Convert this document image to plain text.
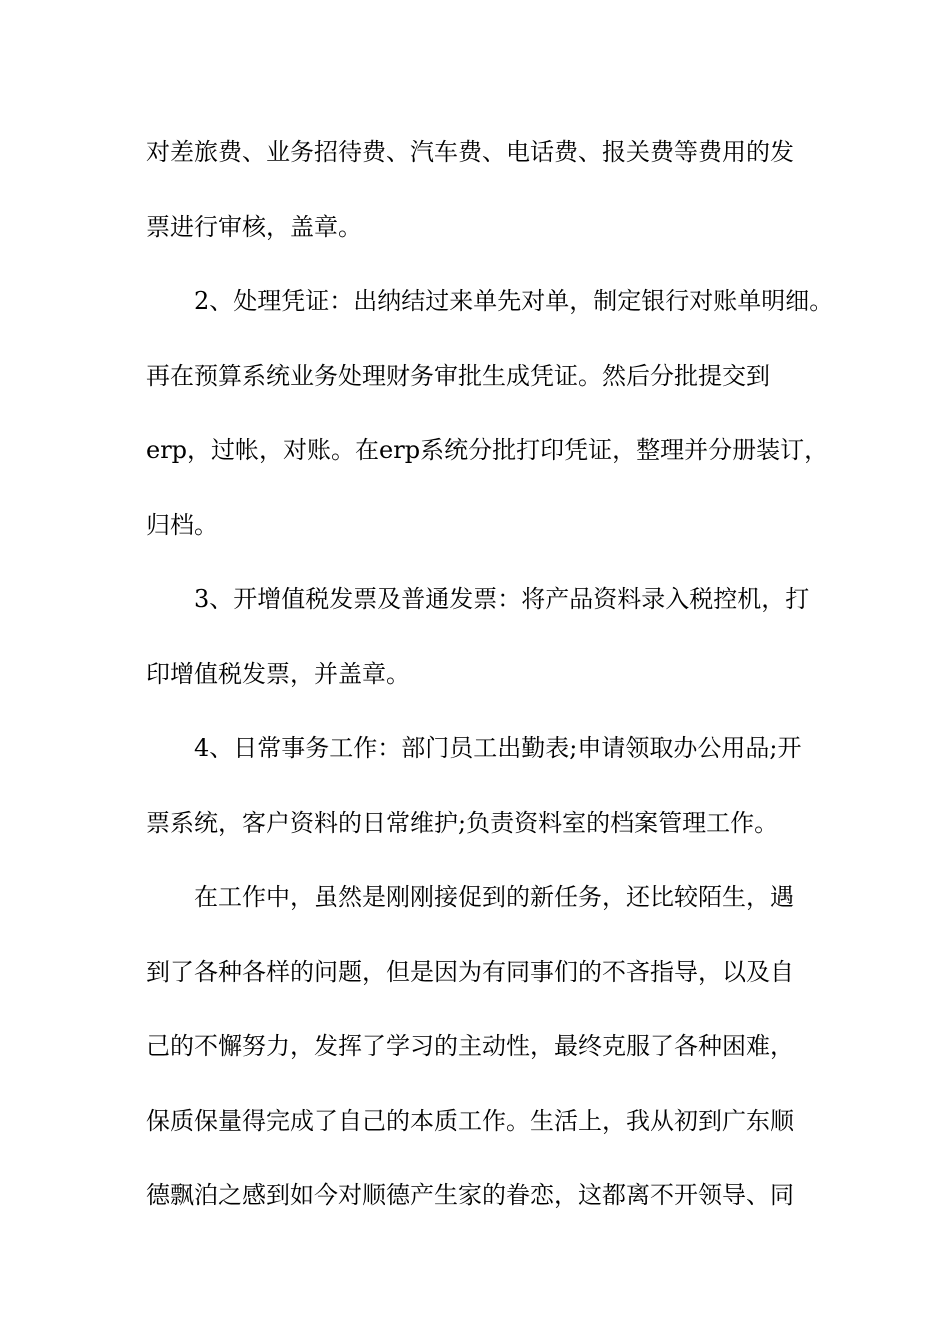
对差旅费、业务招待费、汽车费、电话费、报关费等费用的发
票进行审核，盖章。
2、处理凭证：出纳结过来单先对单，制定银行对账单明细。
再在预算系统业务处理财务审批生成凭证。然后分批提交到
erp，过帐，对账。在erp系统分批打印凭证，整理并分册装订，
归档。
3、开增值税发票及普通发票：将产品资料录入税控机，打
印增值税发票，并盖章。
4、日常事务工作：部门员工出勤表;申请领取办公用品;开
票系统，客户资料的日常维护;负责资料室的档案管理工作。
在工作中，虽然是刚刚接促到的新任务，还比较陌生，遇
到了各种各样的问题，但是因为有同事们的不吝指导，以及自
己的不懈努力，发挥了学习的主动性，最终克服了各种困难，
保质保量得完成了自己的本质工作。生活上，我从初到广东顺
德飘泊之感到如今对顺德产生家的眷恋，这都离不开领导、同
